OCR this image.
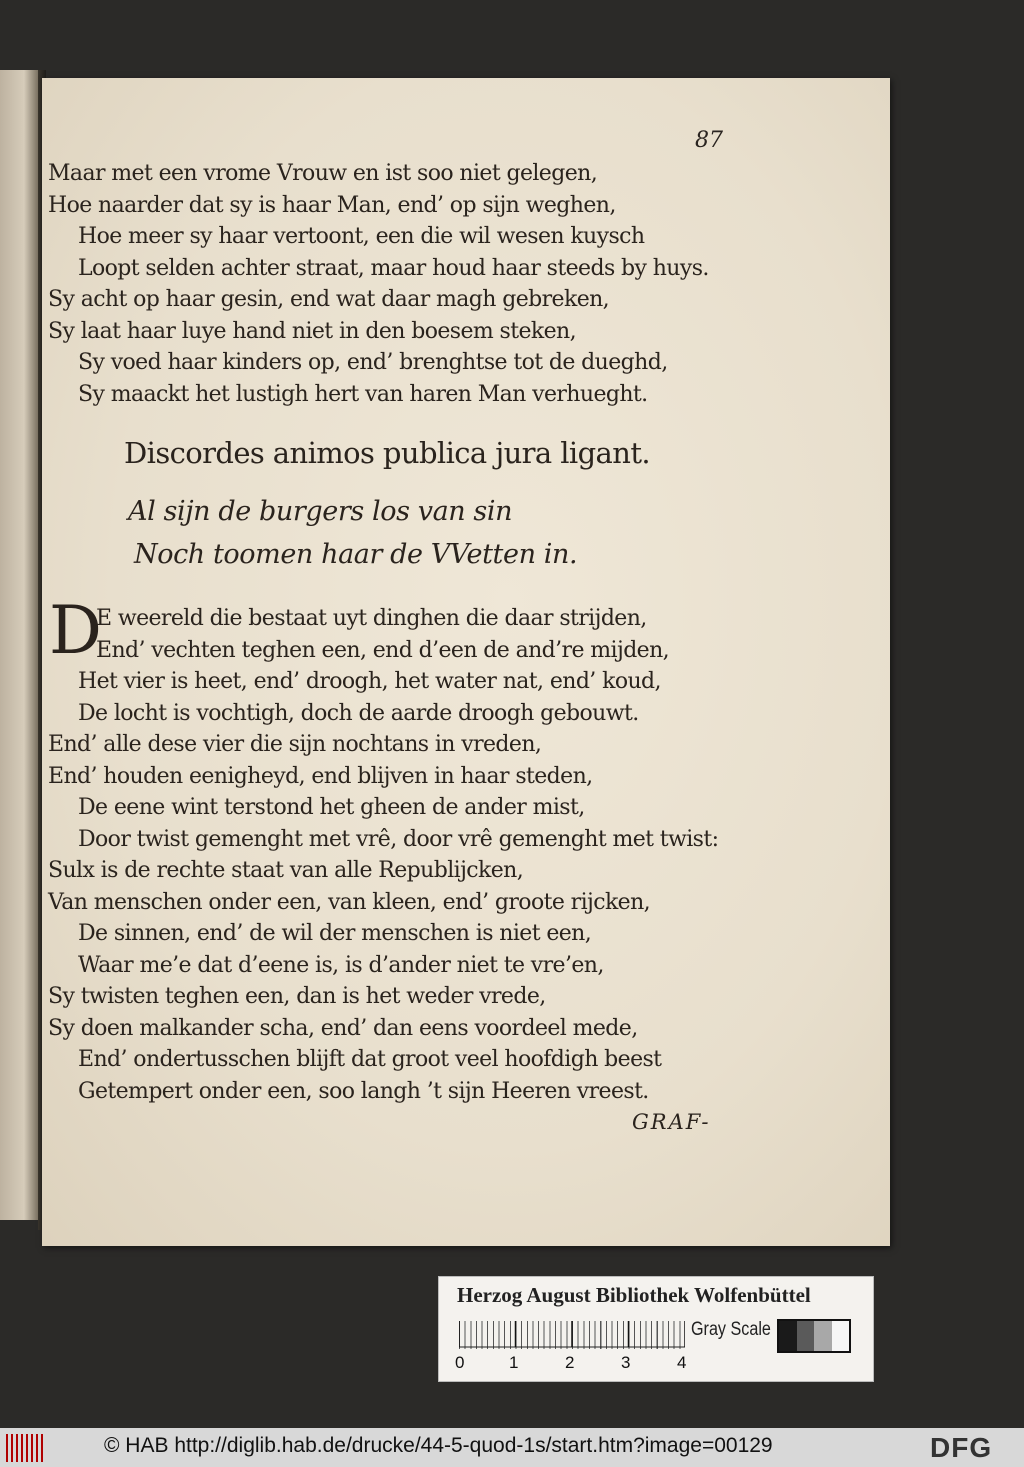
87
Maar met een vrome Vrouw en ist soo niet gelegen,
Hoe naarder dat sy is haar Man, end’ op sijn weghen,
Hoe meer sy haar vertoont, een die wil wesen kuysch
Loopt selden achter straat, maar houd haar steeds by huys.
Sy acht op haar gesin, end wat daar magh gebreken,
Sy laat haar luye hand niet in den boesem steken,
Sy voed haar kinders op, end’ brenghtse tot de dueghd,
Sy maackt het lustigh hert van haren Man verhueght.
Discordes animos publica jura ligant.
Al sijn de burgers los van sin
Noch toomen haar de VVetten in.
D
E weereld die bestaat uyt dinghen die daar strijden,
End’ vechten teghen een, end d’een de and’re mijden,
Het vier is heet, end’ droogh, het water nat, end’ koud,
De locht is vochtigh, doch de aarde droogh gebouwt.
End’ alle dese vier die sijn nochtans in vreden,
End’ houden eenigheyd, end blijven in haar steden,
De eene wint terstond het gheen de ander mist,
Door twist gemenght met vrê, door vrê gemenght met twist:
Sulx is de rechte staat van alle Republijcken,
Van menschen onder een, van kleen, end’ groote rijcken,
De sinnen, end’ de wil der menschen is niet een,
Waar me’e dat d’eene is, is d’ander niet te vre’en,
Sy twisten teghen een, dan is het weder vrede,
Sy doen malkander scha, end’ dan eens voordeel mede,
End’ ondertusschen blijft dat groot veel hoofdigh beest
Getempert onder een, soo langh ’t sijn Heeren vreest.
GRAF-
Herzog August Bibliothek Wolfenbüttel
0	1	2	3	4
Gray Scale
© HAB http://diglib.hab.de/drucke/44-5-quod-1s/start.htm?image=00129	DFG
